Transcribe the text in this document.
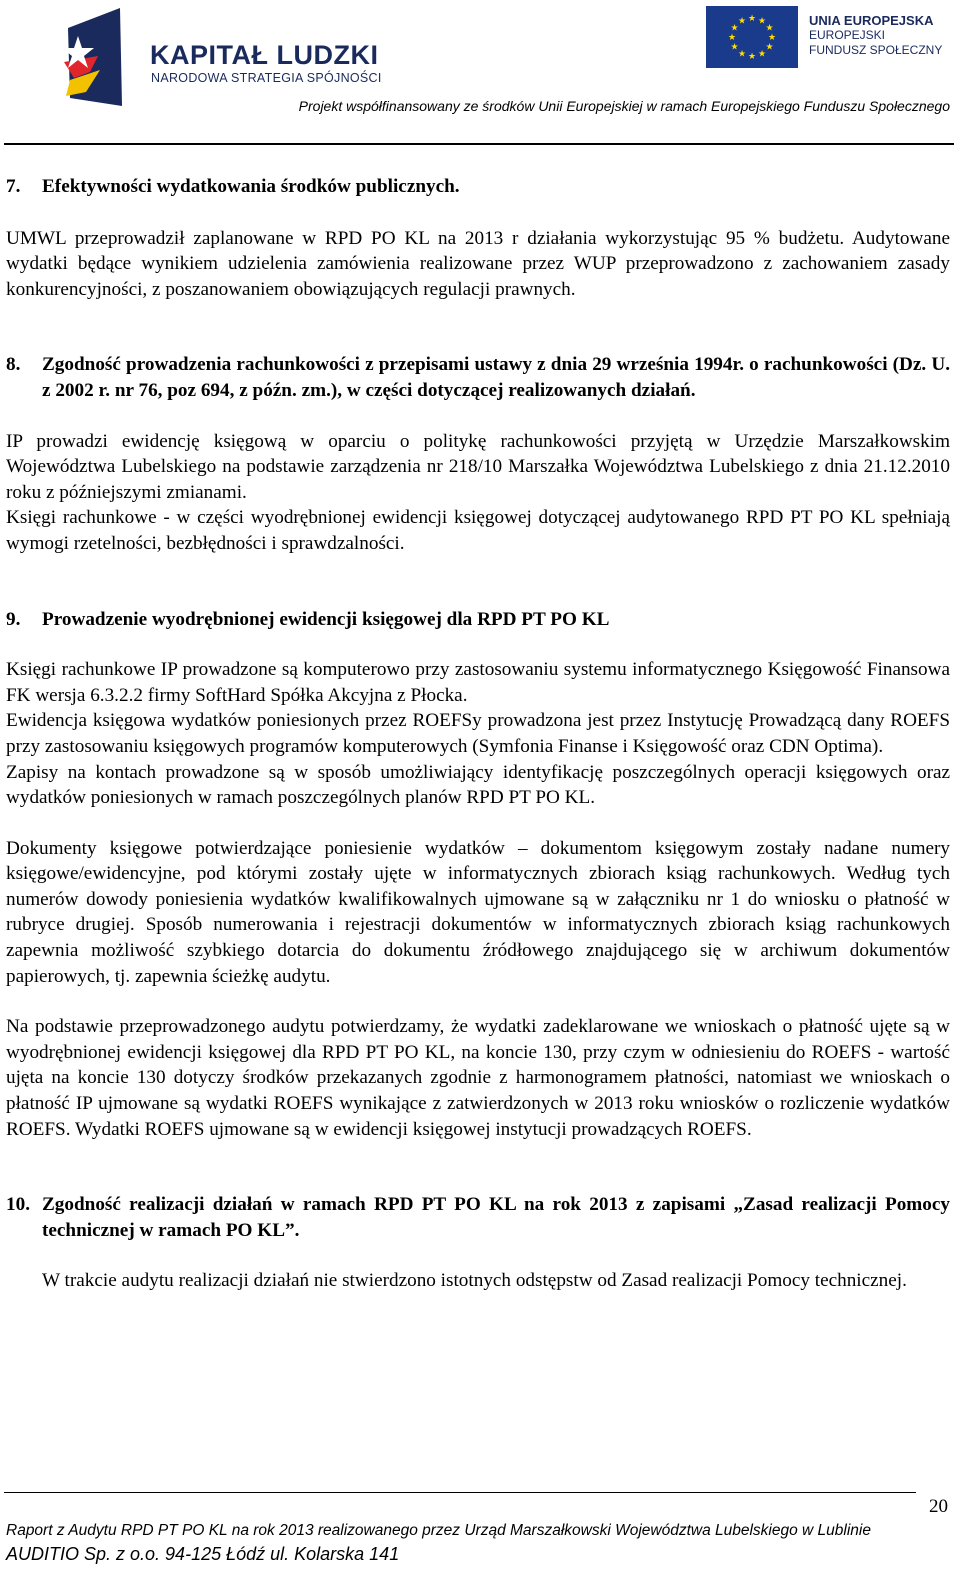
KAPITAŁ LUDZKI
NARODOWA STRATEGIA SPÓJNOŚCI
★ ★
★
★
★
★
★
★
★
★
★
★	UNIA EUROPEJSKA
EUROPEJSKI
FUNDUSZ SPOŁECZNY
Projekt współfinansowany ze środków Unii Europejskiej w ramach Europejskiego Funduszu Społecznego
7.	Efektywności wydatkowania środków publicznych.

UMWL przeprowadził zaplanowane w RPD PO KL na 2013 r działania wykorzystując 95 % budżetu. Audytowane wydatki będące wynikiem udzielenia zamówienia realizowane przez WUP przeprowadzono z zachowaniem zasady konkurencyjności, z poszanowaniem obowiązujących regulacji prawnych.

8.	Zgodność prowadzenia rachunkowości z przepisami ustawy z dnia 29 września 1994r. o rachunkowości (Dz. U. z 2002 r. nr 76, poz 694, z późn. zm.), w części dotyczącej realizowanych działań.

IP prowadzi ewidencję księgową w oparciu o politykę rachunkowości przyjętą w Urzędzie Marszałkowskim Województwa Lubelskiego na podstawie zarządzenia nr 218/10 Marszałka Województwa Lubelskiego z dnia 21.12.2010 roku z późniejszymi zmianami.

Księgi rachunkowe - w części wyodrębnionej ewidencji księgowej dotyczącej audytowanego RPD PT PO KL spełniają wymogi rzetelności, bezbłędności i sprawdzalności.

9.	Prowadzenie wyodrębnionej ewidencji księgowej dla RPD PT PO KL

Księgi rachunkowe IP prowadzone są komputerowo przy zastosowaniu systemu informatycznego Księgowość Finansowa FK wersja 6.3.2.2 firmy SoftHard Spółka Akcyjna z Płocka.

Ewidencja księgowa wydatków poniesionych przez ROEFSy prowadzona jest przez Instytucję Prowadzącą dany ROEFS przy zastosowaniu księgowych programów komputerowych (Symfonia Finanse i Księgowość oraz CDN Optima).

Zapisy na kontach prowadzone są w sposób umożliwiający identyfikację poszczególnych operacji księgowych oraz wydatków poniesionych w ramach poszczególnych planów RPD PT PO KL.

Dokumenty księgowe potwierdzające poniesienie wydatków – dokumentom księgowym zostały nadane numery księgowe/ewidencyjne, pod którymi zostały ujęte w informatycznych zbiorach ksiąg rachunkowych. Według tych numerów dowody poniesienia wydatków kwalifikowalnych ujmowane są w załączniku nr 1 do wniosku o płatność w rubryce drugiej. Sposób numerowania i rejestracji dokumentów w informatycznych zbiorach ksiąg rachunkowych zapewnia możliwość szybkiego dotarcia do dokumentu źródłowego znajdującego się w archiwum dokumentów papierowych, tj. zapewnia ścieżkę audytu.

Na podstawie przeprowadzonego audytu potwierdzamy, że wydatki zadeklarowane we wnioskach o płatność ujęte są w wyodrębnionej ewidencji księgowej dla RPD PT PO KL, na koncie 130, przy czym w odniesieniu do ROEFS - wartość ujęta na koncie 130 dotyczy środków przekazanych zgodnie z harmonogramem płatności, natomiast we wnioskach o płatność IP ujmowane są wydatki ROEFS wynikające z zatwierdzonych w 2013 roku wniosków o rozliczenie wydatków ROEFS. Wydatki ROEFS ujmowane są w ewidencji księgowej instytucji prowadzących ROEFS.

10. Zgodność realizacji działań w ramach RPD PT PO KL na rok 2013 z zapisami „Zasad realizacji Pomocy technicznej w ramach PO KL”.

W trakcie audytu realizacji działań nie stwierdzono istotnych odstępstw od Zasad realizacji Pomocy technicznej.

20
Raport z Audytu RPD PT PO KL na rok 2013 realizowanego przez Urząd Marszałkowski Województwa Lubelskiego w Lublinie
AUDITIO Sp. z o.o. 94-125 Łódź ul. Kolarska 141
